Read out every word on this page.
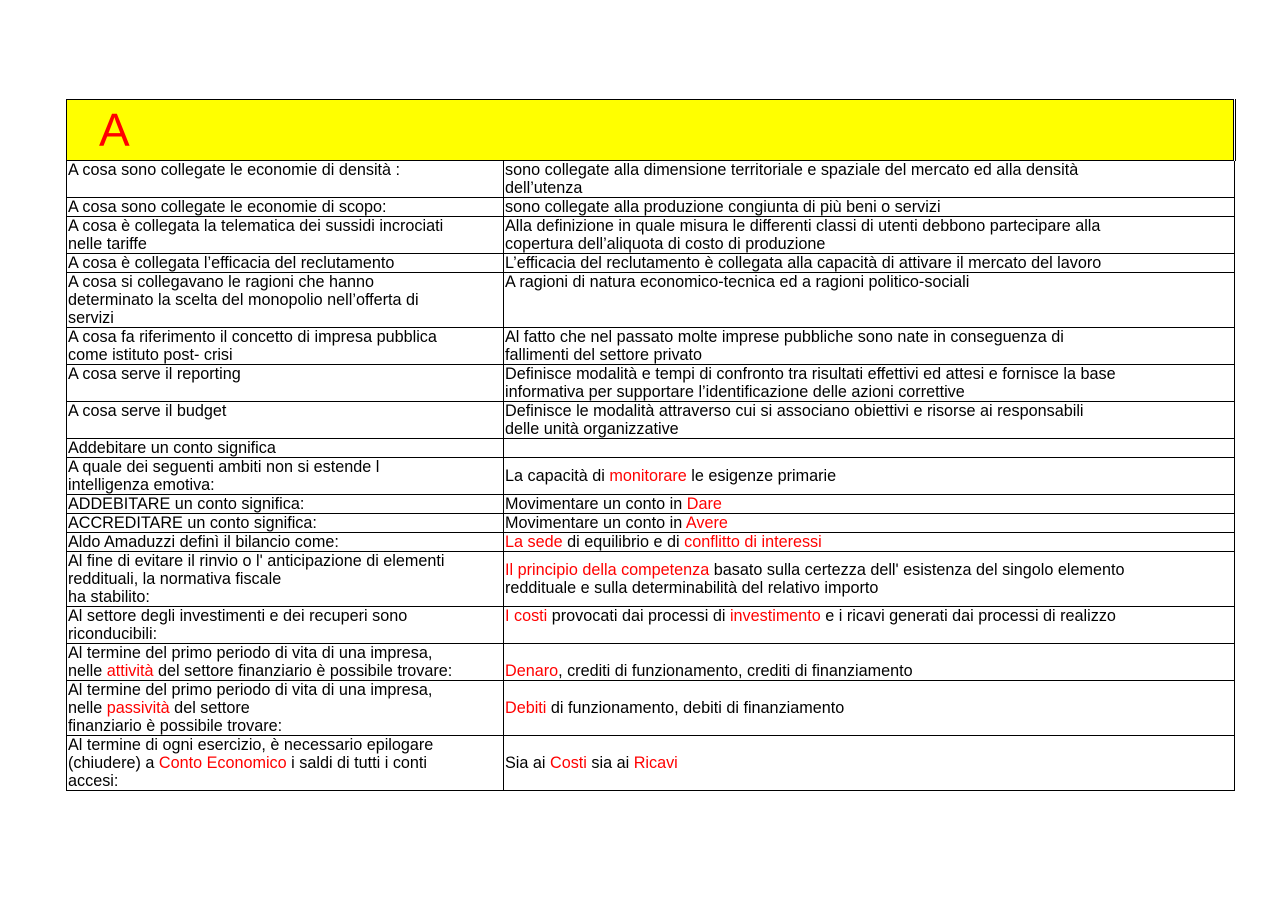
A	

A cosa sono collegate le economie di densità :	sono collegate alla dimensione territoriale e spaziale del mercato ed alla densità
dell’utenza
A cosa sono collegate le economie di scopo:	sono collegate alla produzione congiunta di più beni o servizi
A cosa è collegata la telematica dei sussidi incrociati
nelle tariffe	Alla definizione in quale misura le differenti classi di utenti debbono partecipare alla
copertura dell’aliquota di costo di produzione
A cosa è collegata l’efficacia del reclutamento	L’efficacia del reclutamento è collegata alla capacità di attivare il mercato del lavoro
A cosa si collegavano le ragioni che hanno
determinato la scelta del monopolio nell’offerta di
servizi	A ragioni di natura economico-tecnica ed a ragioni politico-sociali
A cosa fa riferimento il concetto di impresa pubblica
come istituto post- crisi	Al fatto che nel passato molte imprese pubbliche sono nate in conseguenza di
fallimenti del settore privato
A cosa serve il reporting	Definisce modalità e tempi di confronto tra risultati effettivi ed attesi e fornisce la base
informativa per supportare l’identificazione delle azioni correttive
A cosa serve il budget	Definisce le modalità attraverso cui si associano obiettivi e risorse ai responsabili
delle unità organizzative
Addebitare un conto significa	
A quale dei seguenti ambiti non si estende l
intelligenza emotiva:	La capacità di monitorare le esigenze primarie
ADDEBITARE un conto significa:	Movimentare un conto in Dare
ACCREDITARE un conto significa:	Movimentare un conto in Avere
Aldo Amaduzzi definì il bilancio come:	La sede di equilibrio e di conflitto di interessi
Al fine di evitare il rinvio o l' anticipazione di elementi
reddituali, la normativa fiscale
ha stabilito:	Il principio della competenza basato sulla certezza dell' esistenza del singolo elemento
reddituale e sulla determinabilità del relativo importo
Al settore degli investimenti e dei recuperi sono
riconducibili:	I costi provocati dai processi di investimento e i ricavi generati dai processi di realizzo
Al termine del primo periodo di vita di una impresa,
nelle attività del settore finanziario è possibile trovare:	Denaro, crediti di funzionamento, crediti di finanziamento
Al termine del primo periodo di vita di una impresa,
nelle passività del settore
finanziario è possibile trovare:	Debiti di funzionamento, debiti di finanziamento
Al termine di ogni esercizio, è necessario epilogare
(chiudere) a Conto Economico i saldi di tutti i conti
accesi:	Sia ai Costi sia ai Ricavi
